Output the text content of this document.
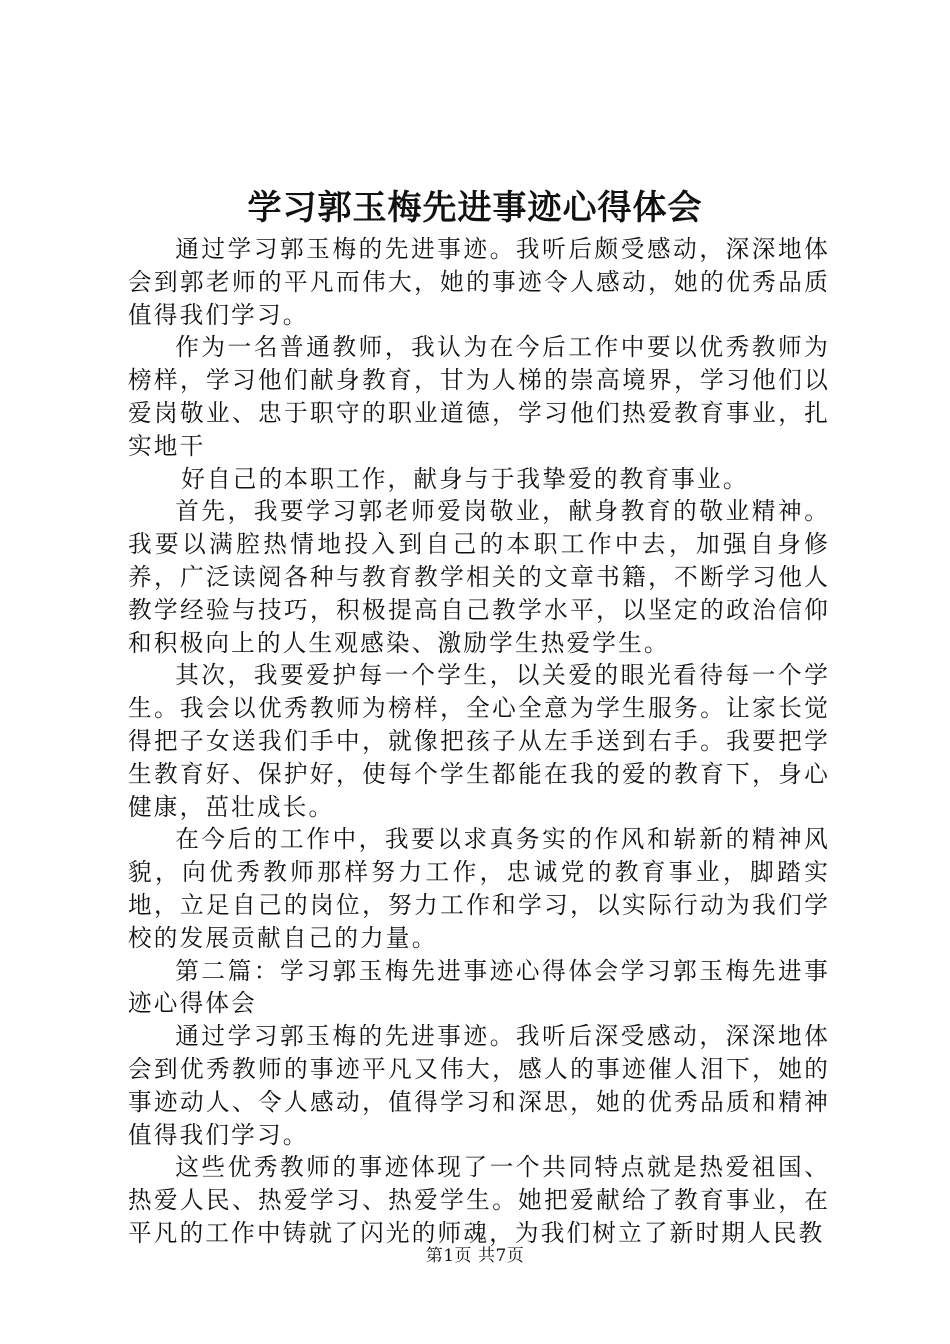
学习郭玉梅先进事迹心得体会

通过学习郭玉梅的先进事迹。我听后颇受感动，深深地体会到郭老师的平凡而伟大，她的事迹令人感动，她的优秀品质值得我们学习。

作为一名普通教师，我认为在今后工作中要以优秀教师为榜样，学习他们献身教育，甘为人梯的崇高境界，学习他们以爱岗敬业、忠于职守的职业道德，学习他们热爱教育事业，扎实地干

好自己的本职工作，献身与于我挚爱的教育事业。

首先，我要学习郭老师爱岗敬业，献身教育的敬业精神。我要以满腔热情地投入到自己的本职工作中去，加强自身修养，广泛读阅各种与教育教学相关的文章书籍，不断学习他人教学经验与技巧，积极提高自己教学水平，以坚定的政治信仰和积极向上的人生观感染、激励学生热爱学生。

其次，我要爱护每一个学生，以关爱的眼光看待每一个学生。我会以优秀教师为榜样，全心全意为学生服务。让家长觉得把子女送我们手中，就像把孩子从左手送到右手。我要把学生教育好、保护好，使每个学生都能在我的爱的教育下，身心健康，茁壮成长。

在今后的工作中，我要以求真务实的作风和崭新的精神风貌，向优秀教师那样努力工作，忠诚党的教育事业，脚踏实地，立足自己的岗位，努力工作和学习，以实际行动为我们学校的发展贡献自己的力量。

第二篇：学习郭玉梅先进事迹心得体会学习郭玉梅先进事迹心得体会

通过学习郭玉梅的先进事迹。我听后深受感动，深深地体会到优秀教师的事迹平凡又伟大，感人的事迹催人泪下，她的事迹动人、令人感动，值得学习和深思，她的优秀品质和精神值得我们学习。

这些优秀教师的事迹体现了一个共同特点就是热爱祖国、热爱人民、热爱学习、热爱学生。她把爱献给了教育事业，在平凡的工作中铸就了闪光的师魂，为我们树立了新时期人民教

第1页 共7页
